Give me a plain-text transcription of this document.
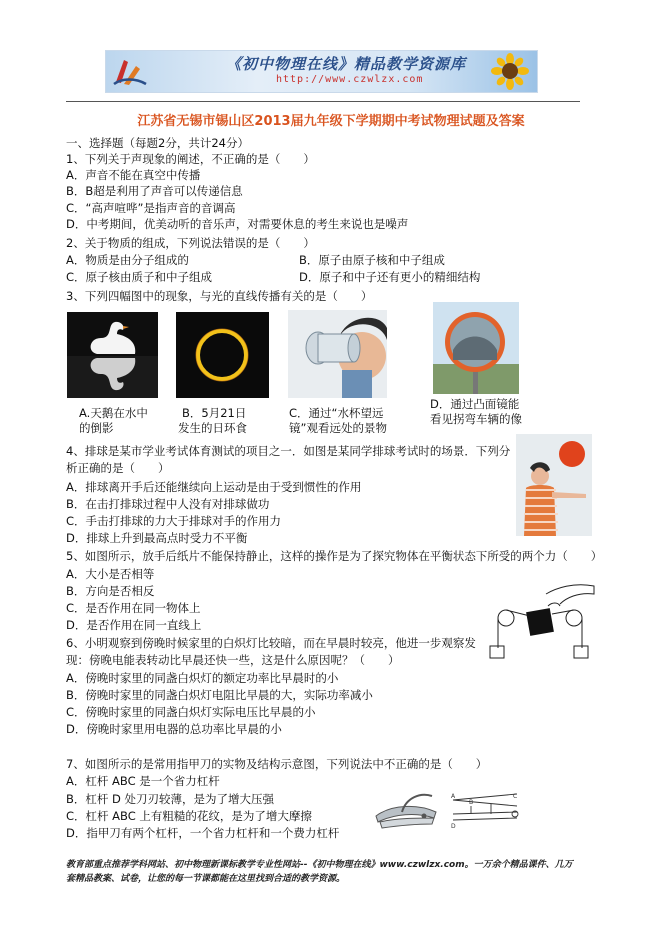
《初中物理在线》精品教学资源库
http://www.czwlzx.com
江苏省无锡市锡山区2013届九年级下学期期中考试物理试题及答案
一、选择题（每题2分，共计24分）
1、下列关于声现象的阐述，不正确的是（　　）
A．声音不能在真空中传播
B．B超是利用了声音可以传递信息
C．“高声喧哗”是指声音的音调高
D．中考期间，优美动听的音乐声，对需要休息的考生来说也是噪声
2、关于物质的组成，下列说法错误的是（　　）
A．物质是由分子组成的	B．原子由原子核和中子组成
C．原子核由质子和中子组成	D．原子和中子还有更小的精细结构
3、下列四幅图中的现象，与光的直线传播有关的是（　　）
A.天鹅在水中
的倒影
B．5月21日
发生的日环食
C．通过“水杯望远
镜”观看远处的景物
D．通过凸面镜能
看见拐弯车辆的像
4、排球是某市学业考试体育测试的项目之一．如图是某同学排球考试时的场景．下列分
析正确的是（　　）
A．排球离开手后还能继续向上运动是由于受到惯性的作用
B．在击打排球过程中人没有对排球做功
C．手击打排球的力大于排球对手的作用力
D．排球上升到最高点时受力不平衡
5、如图所示，放手后纸片不能保持静止，这样的操作是为了探究物体在平衡状态下所受的两个力（　　）
A．大小是否相等
B．方向是否相反
C．是否作用在同一物体上
D．是否作用在同一直线上
6、小明观察到傍晚时候家里的白炽灯比较暗，而在早晨时较亮，他进一步观察发
现：傍晚电能表转动比早晨还快一些，这是什么原因呢？（　　）
A．傍晚时家里的同盏白炽灯的额定功率比早晨时的小
B．傍晚时家里的同盏白炽灯电阻比早晨的大，实际功率减小
C．傍晚时家里的同盏白炽灯实际电压比早晨的小
D．傍晚时家里用电器的总功率比早晨的小
7、如图所示的是常用指甲刀的实物及结构示意图，下列说法中不正确的是（　　）
A．杠杆 ABC 是一个省力杠杆
B．杠杆 D 处刀刃较薄，是为了增大压强
C．杠杆 ABC 上有粗糙的花纹，是为了增大摩擦
D．指甲刀有两个杠杆，一个省力杠杆和一个费力杠杆
A
B
C
D
教育部重点推荐学科网站、初中物理新课标教学专业性网站--《初中物理在线》www.czwlzx.com。一万余个精品课件、几万
套精品教案、试卷，让您的每一节课都能在这里找到合适的教学资源。
